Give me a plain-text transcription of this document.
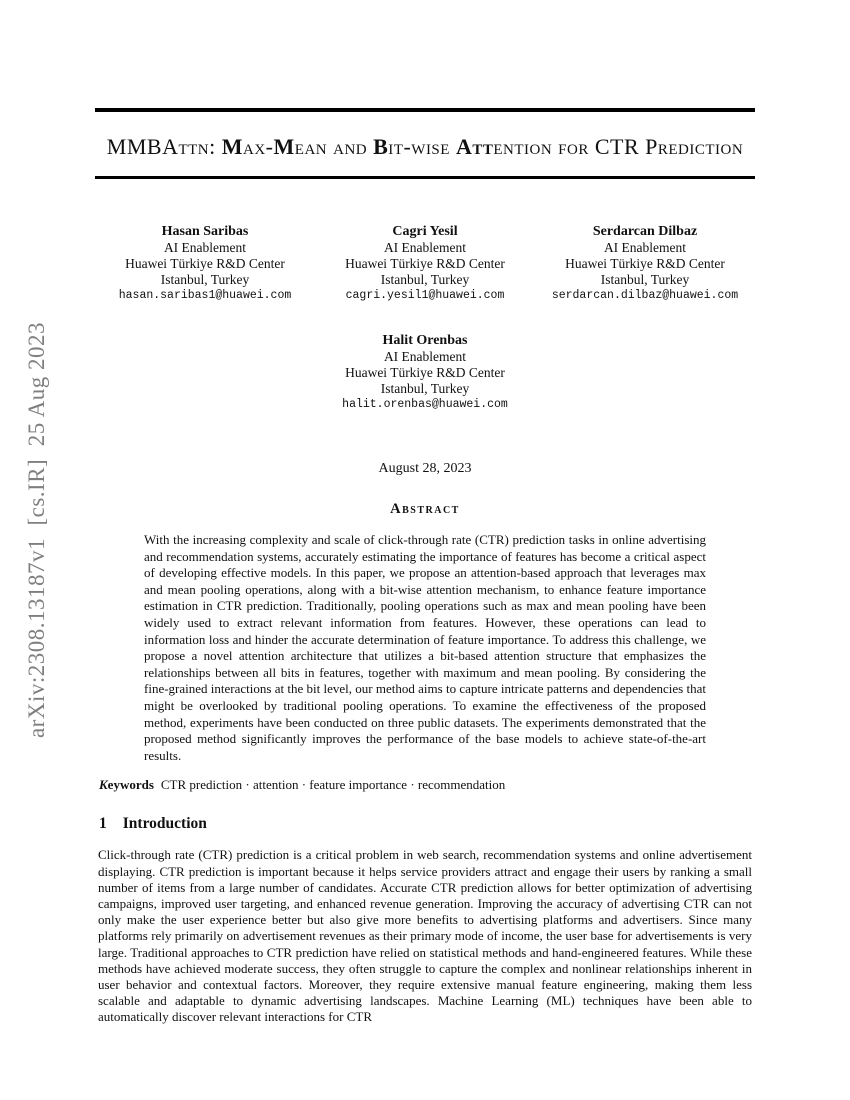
arXiv:2308.13187v1  [cs.IR]  25 Aug 2023
MMBAttn: Max-Mean and Bit-wise Attention for CTR Prediction
Hasan Saribas
AI Enablement
Huawei Türkiye R&D Center
Istanbul, Turkey
hasan.saribas1@huawei.com
Cagri Yesil
AI Enablement
Huawei Türkiye R&D Center
Istanbul, Turkey
cagri.yesil1@huawei.com
Serdarcan Dilbaz
AI Enablement
Huawei Türkiye R&D Center
Istanbul, Turkey
serdarcan.dilbaz@huawei.com
Halit Orenbas
AI Enablement
Huawei Türkiye R&D Center
Istanbul, Turkey
halit.orenbas@huawei.com
August 28, 2023
Abstract

With the increasing complexity and scale of click-through rate (CTR) prediction tasks in online advertising and recommendation systems, accurately estimating the importance of features has become a critical aspect of developing effective models. In this paper, we propose an attention-based approach that leverages max and mean pooling operations, along with a bit-wise attention mechanism, to enhance feature importance estimation in CTR prediction. Traditionally, pooling operations such as max and mean pooling have been widely used to extract relevant information from features. However, these operations can lead to information loss and hinder the accurate determination of feature importance. To address this challenge, we propose a novel attention architecture that utilizes a bit-based attention structure that emphasizes the relationships between all bits in features, together with maximum and mean pooling. By considering the fine-grained interactions at the bit level, our method aims to capture intricate patterns and dependencies that might be overlooked by traditional pooling operations. To examine the effectiveness of the proposed method, experiments have been conducted on three public datasets. The experiments demonstrated that the proposed method significantly improves the performance of the base models to achieve state-of-the-art results.

Keywords CTR prediction · attention · feature importance · recommendation
1 Introduction

Click-through rate (CTR) prediction is a critical problem in web search, recommendation systems and online advertisement displaying. CTR prediction is important because it helps service providers attract and engage their users by ranking a small number of items from a large number of candidates. Accurate CTR prediction allows for better optimization of advertising campaigns, improved user targeting, and enhanced revenue generation. Improving the accuracy of advertising CTR can not only make the user experience better but also give more benefits to advertising platforms and advertisers. Since many platforms rely primarily on advertisement revenues as their primary mode of income, the user base for advertisements is very large. Traditional approaches to CTR prediction have relied on statistical methods and hand-engineered features. While these methods have achieved moderate success, they often struggle to capture the complex and nonlinear relationships inherent in user behavior and contextual factors. Moreover, they require extensive manual feature engineering, making them less scalable and adaptable to dynamic advertising landscapes. Machine Learning (ML) techniques have been able to automatically discover relevant interactions for CTR
